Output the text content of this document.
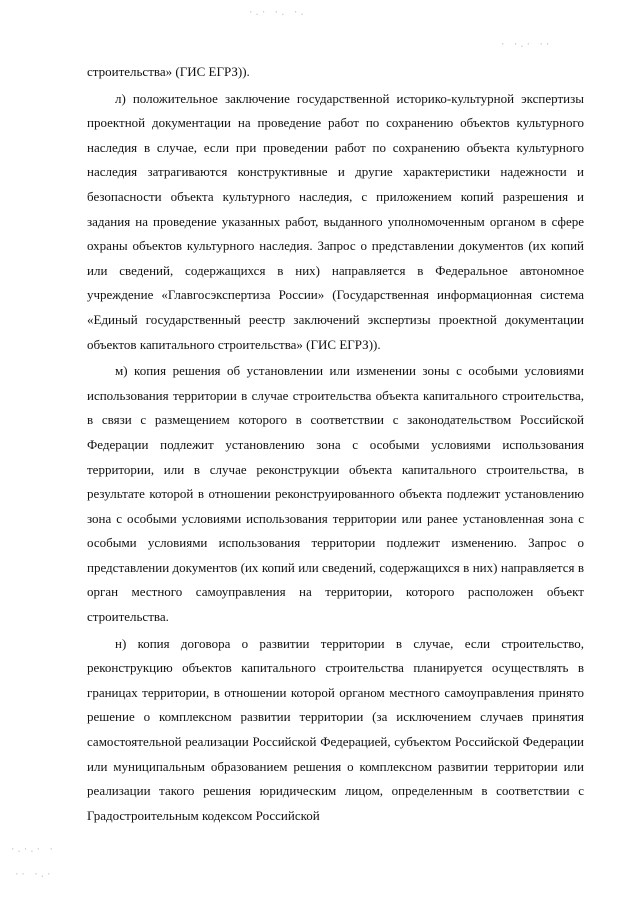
·.· ·. ·.
· ·.· ··

строительства» (ГИС ЕГРЗ)).

л) положительное заключение государственной историко-культурной экспертизы проектной документации на проведение работ по сохранению объектов культурного наследия в случае, если при проведении работ по сохранению объекта культурного наследия затрагиваются конструктивные и другие характеристики надежности и безопасности объекта культурного наследия, с приложением копий разрешения и задания на проведение указанных работ, выданного уполномоченным органом в сфере охраны объектов культурного наследия. Запрос о представлении документов (их копий или сведений, содержащихся в них) направляется в Федеральное автономное учреждение «Главгосэкспертиза России» (Государственная информационная система «Единый государственный реестр заключений экспертизы проектной документации объектов капитального строительства» (ГИС ЕГРЗ)).

м) копия решения об установлении или изменении зоны с особыми условиями использования территории в случае строительства объекта капитального строительства, в связи с размещением которого в соответствии с законодательством Российской Федерации подлежит установлению зона с особыми условиями использования территории, или в случае реконструкции объекта капитального строительства, в результате которой в отношении реконструированного объекта подлежит установлению зона с особыми условиями использования территории или ранее установленная зона с особыми условиями использования территории подлежит изменению. Запрос о представлении документов (их копий или сведений, содержащихся в них) направляется в орган местного самоуправления на территории, которого расположен объект строительства.

н) копия договора о развитии территории в случае, если строительство, реконструкцию объектов капитального строительства планируется осуществлять в границах территории, в отношении которой органом местного самоуправления принято решение о комплексном развитии территории (за исключением случаев принятия самостоятельной реализации Российской Федерацией, субъектом Российской Федерации или муниципальным образованием решения о комплексном развитии территории или реализации такого решения юридическим лицом, определенным в соответствии с Градостроительным кодексом Российской

·.·.· ·
·· ·.·
